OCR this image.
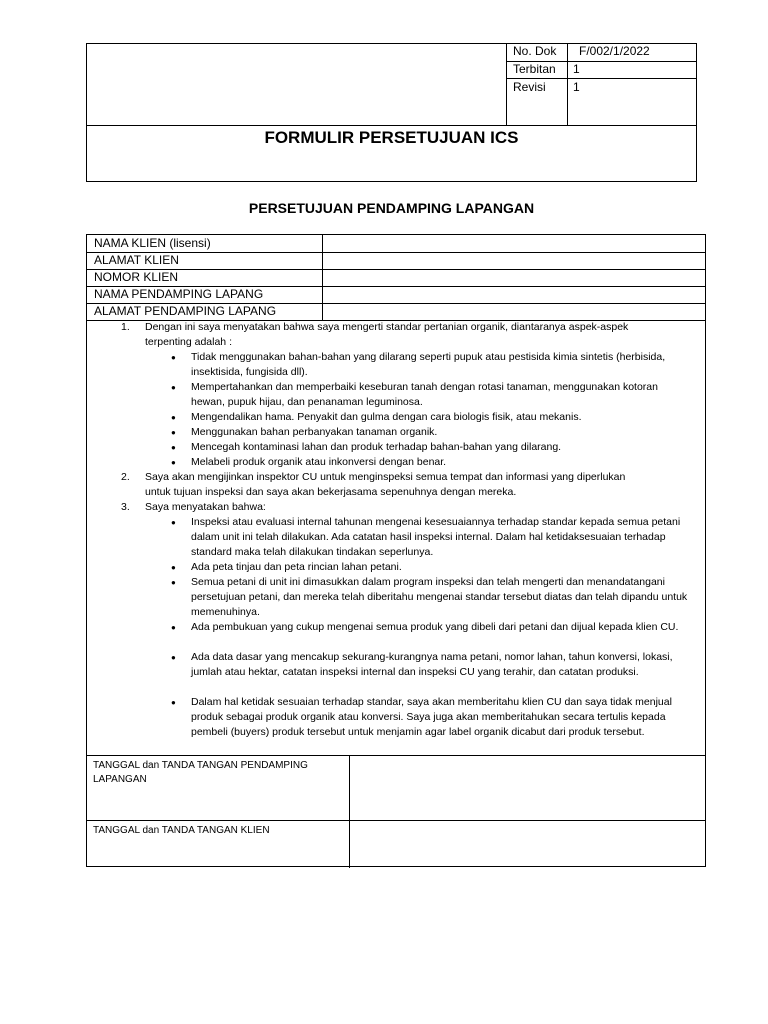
No. Dok F/002/1/2022
Terbitan 1
Revisi 1
FORMULIR PERSETUJUAN ICS
PERSETUJUAN PENDAMPING LAPANGAN
NAMA KLIEN (lisensi)
ALAMAT KLIEN
NOMOR KLIEN
NAMA PENDAMPING LAPANG
ALAMAT PENDAMPING LAPANG
1. Dengan ini saya menyatakan bahwa saya mengerti standar pertanian organik, diantaranya aspek-aspek
terpenting adalah :
● Tidak menggunakan bahan-bahan yang dilarang seperti pupuk atau pestisida kimia sintetis (herbisida, insektisida, fungisida dll).
● Mempertahankan dan memperbaiki keseburan tanah dengan rotasi tanaman, menggunakan kotoran hewan, pupuk hijau, dan penanaman leguminosa.
● Mengendalikan hama. Penyakit dan gulma dengan cara biologis fisik, atau mekanis.
● Menggunakan bahan perbanyakan tanaman organik.
● Mencegah kontaminasi lahan dan produk terhadap bahan-bahan yang dilarang.
● Melabeli produk organik atau inkonversi dengan benar.
2. Saya akan mengijinkan inspektor CU untuk menginspeksi semua tempat dan informasi yang diperlukan
untuk tujuan inspeksi dan saya akan bekerjasama sepenuhnya dengan mereka.
3. Saya menyatakan bahwa:
● Inspeksi atau evaluasi internal tahunan mengenai kesesuaiannya terhadap standar kepada semua petani dalam unit ini telah dilakukan. Ada catatan hasil inspeksi internal. Dalam hal ketidaksesuaian terhadap standard maka telah dilakukan tindakan seperlunya.
● Ada peta tinjau dan peta rincian lahan petani.
● Semua petani di unit ini dimasukkan dalam program inspeksi dan telah mengerti dan menandatangani persetujuan petani, dan mereka telah diberitahu mengenai standar tersebut diatas dan telah dipandu untuk memenuhinya.
● Ada pembukuan yang cukup mengenai semua produk yang dibeli dari petani dan dijual kepada klien CU.
● Ada data dasar yang mencakup sekurang-kurangnya nama petani, nomor lahan, tahun konversi, lokasi, jumlah atau hektar, catatan inspeksi internal dan inspeksi CU yang terahir, dan catatan produksi.
● Dalam hal ketidak sesuaian terhadap standar, saya akan memberitahu klien CU dan saya tidak menjual produk sebagai produk organik atau konversi. Saya juga akan memberitahukan secara tertulis kepada pembeli (buyers) produk tersebut untuk menjamin agar label organik dicabut dari produk tersebut.
TANGGAL dan TANDA TANGAN PENDAMPING LAPANGAN
TANGGAL dan TANDA TANGAN KLIEN
